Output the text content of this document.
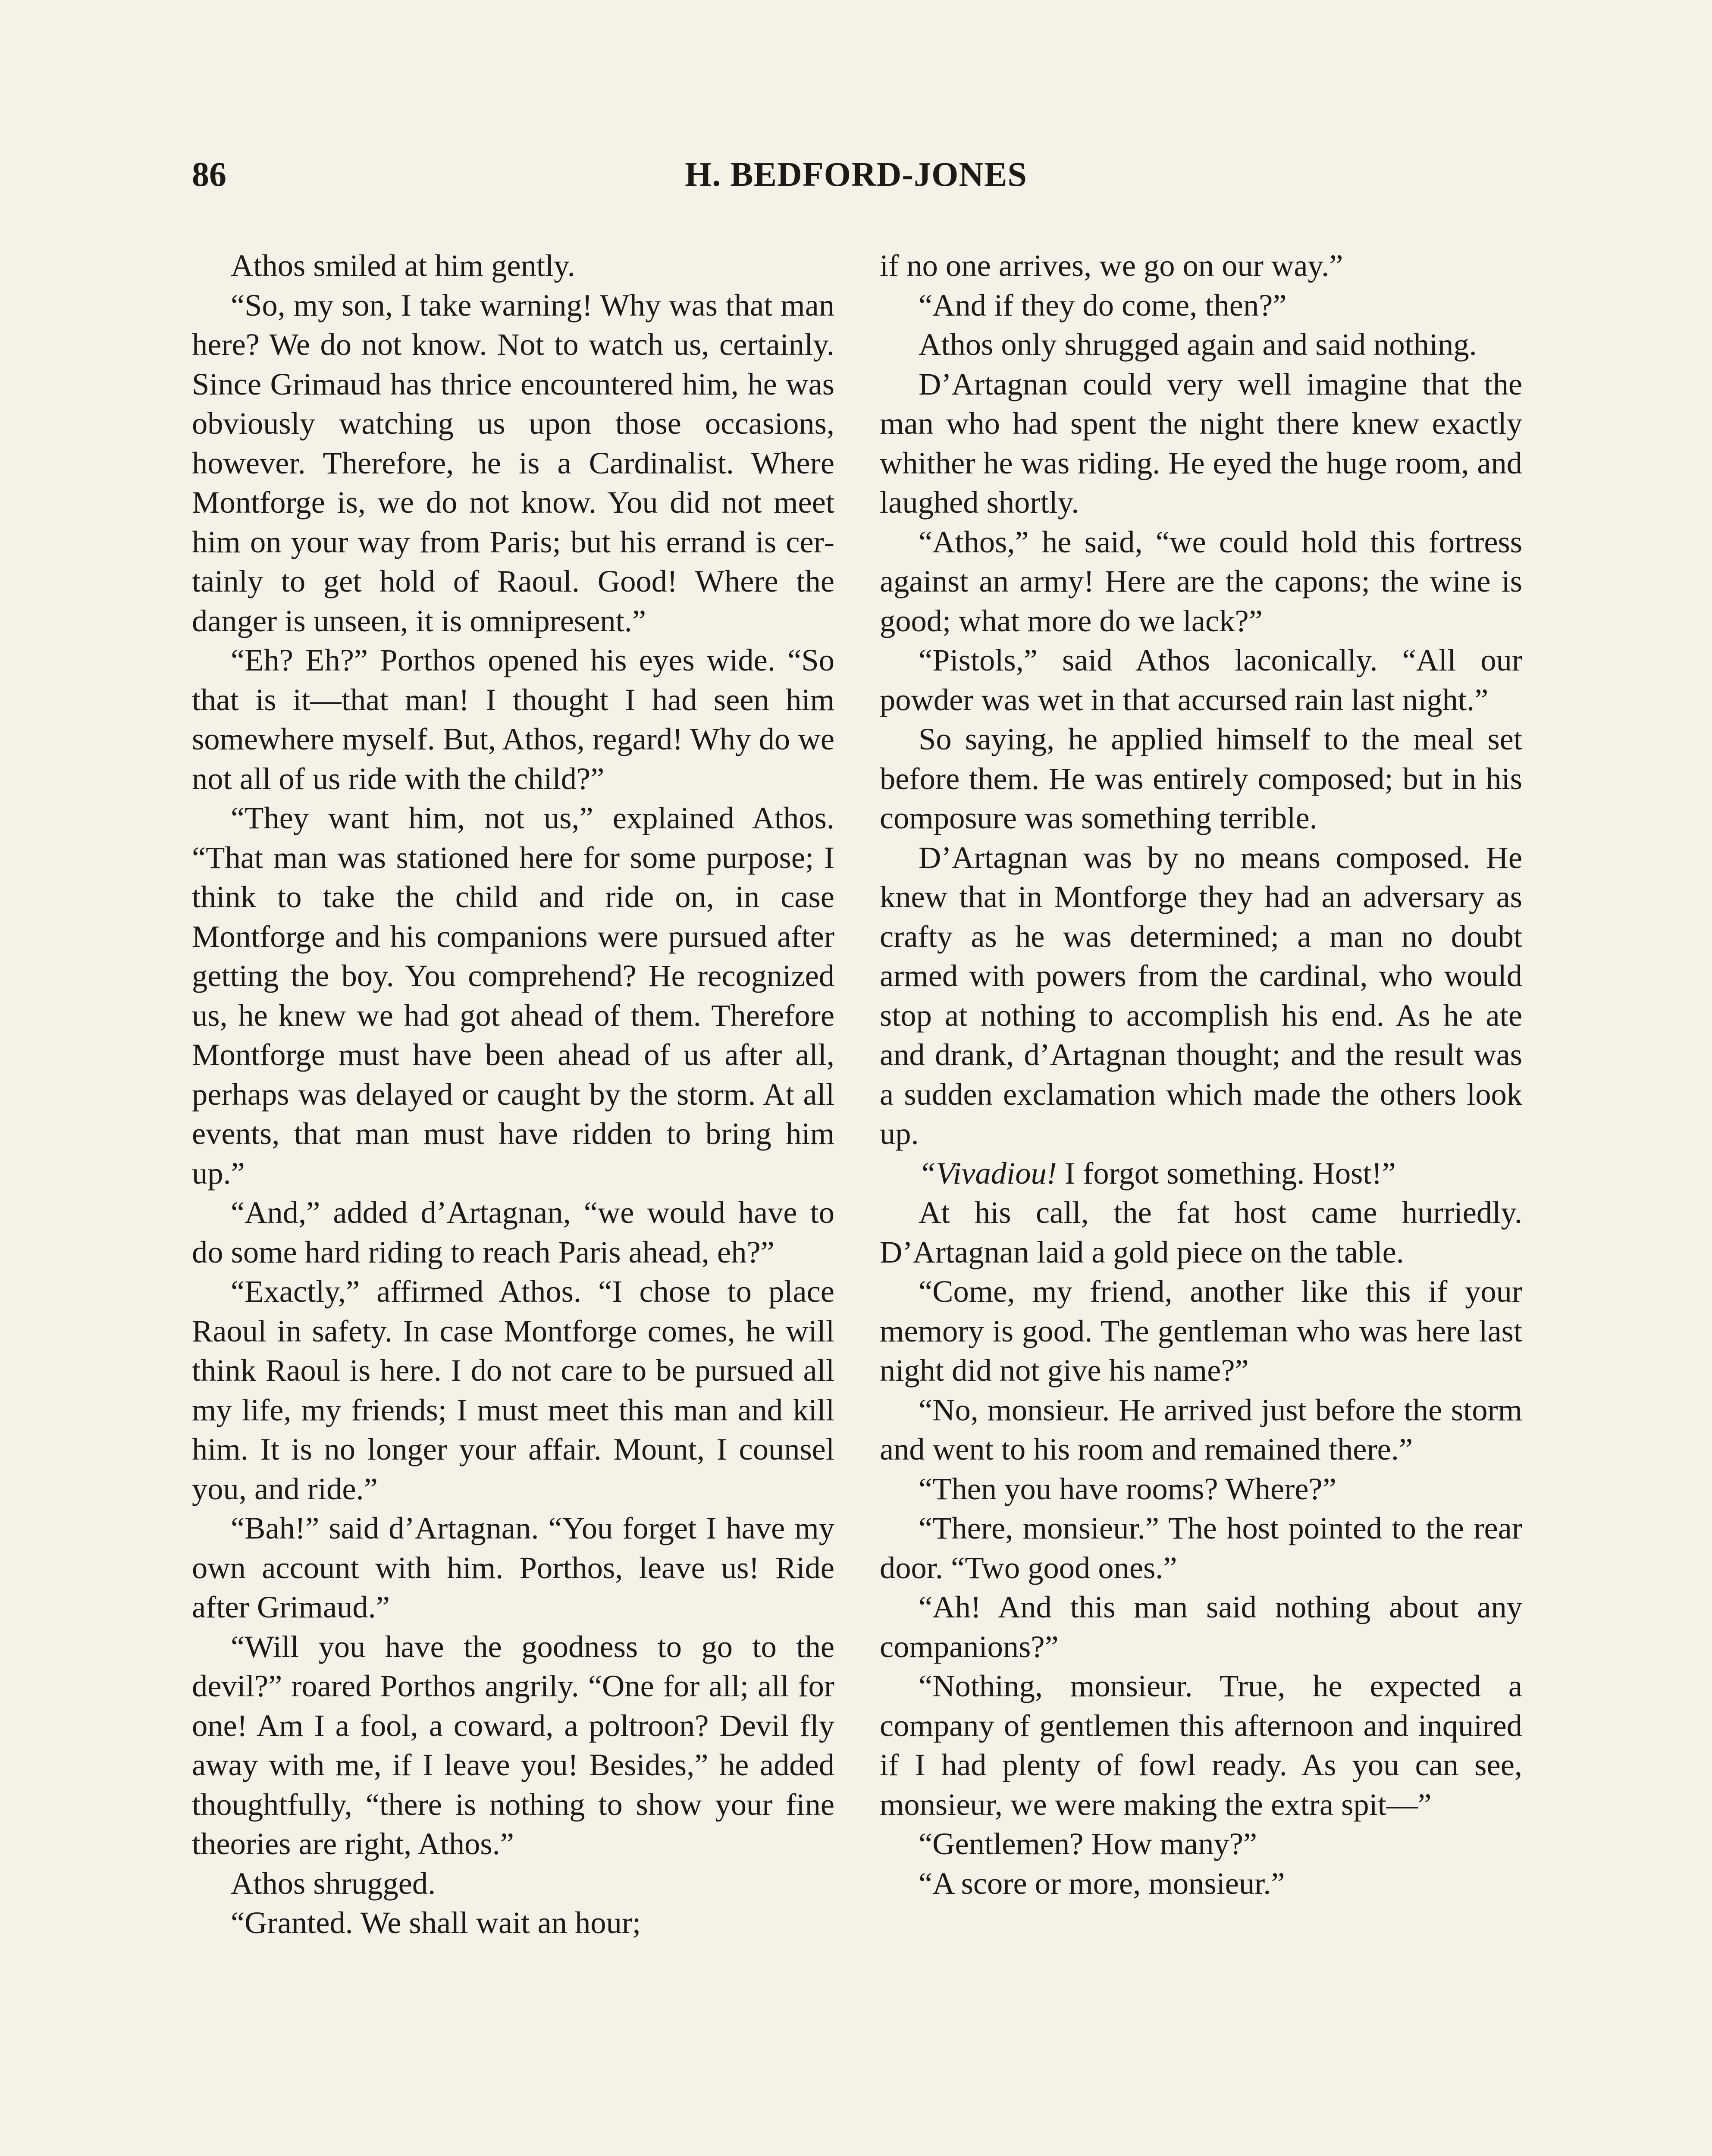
86	H. BEDFORD-JONES

Athos smiled at him gently.

“So, my son, I take warning! Why was that man here? We do not know. Not to watch us, certainly. Since Grimaud has thrice encountered him, he was obviously watching us upon those occasions, however. Therefore, he is a Cardinalist. Where Montforge is, we do not know. You did not meet him on your way from Paris; but his errand is certainly to get hold of Raoul. Good! Where the danger is unseen, it is omnipresent.”

“Eh? Eh?” Porthos opened his eyes wide. “So that is it—that man! I thought I had seen him somewhere myself. But, Athos, regard! Why do we not all of us ride with the child?”

“They want him, not us,” explained Athos. “That man was stationed here for some purpose; I think to take the child and ride on, in case Montforge and his companions were pursued after getting the boy. You comprehend? He recognized us, he knew we had got ahead of them. Therefore Montforge must have been ahead of us after all, perhaps was delayed or caught by the storm. At all events, that man must have ridden to bring him up.”

“And,” added d’Artagnan, “we would have to do some hard riding to reach Paris ahead, eh?”

“Exactly,” affirmed Athos. “I chose to place Raoul in safety. In case Montforge comes, he will think Raoul is here. I do not care to be pursued all my life, my friends; I must meet this man and kill him. It is no longer your affair. Mount, I counsel you, and ride.”

“Bah!” said d’Artagnan. “You forget I have my own account with him. Porthos, leave us! Ride after Grimaud.”

“Will you have the goodness to go to the devil?” roared Porthos angrily. “One for all; all for one! Am I a fool, a coward, a poltroon? Devil fly away with me, if I leave you! Besides,” he added thoughtfully, “there is nothing to show your fine theories are right, Athos.”

Athos shrugged.

“Granted. We shall wait an hour;

if no one arrives, we go on our way.”

“And if they do come, then?”

Athos only shrugged again and said nothing.

D’Artagnan could very well imagine that the man who had spent the night there knew exactly whither he was riding. He eyed the huge room, and laughed shortly.

“Athos,” he said, “we could hold this fortress against an army! Here are the capons; the wine is good; what more do we lack?”

“Pistols,” said Athos laconically. “All our powder was wet in that accursed rain last night.”

So saying, he applied himself to the meal set before them. He was entirely composed; but in his composure was something terrible.

D’Artagnan was by no means composed. He knew that in Montforge they had an adversary as crafty as he was determined; a man no doubt armed with powers from the cardinal, who would stop at nothing to accomplish his end. As he ate and drank, d’Artagnan thought; and the result was a sudden exclamation which made the others look up.

“Vivadiou! I forgot something. Host!”

At his call, the fat host came hurriedly. D’Artagnan laid a gold piece on the table.

“Come, my friend, another like this if your memory is good. The gentleman who was here last night did not give his name?”

“No, monsieur. He arrived just before the storm and went to his room and remained there.”

“Then you have rooms? Where?”

“There, monsieur.” The host pointed to the rear door. “Two good ones.”

“Ah! And this man said nothing about any companions?”

“Nothing, monsieur. True, he expected a company of gentlemen this afternoon and inquired if I had plenty of fowl ready. As you can see, monsieur, we were making the extra spit—”

“Gentlemen? How many?”

“A score or more, monsieur.”
